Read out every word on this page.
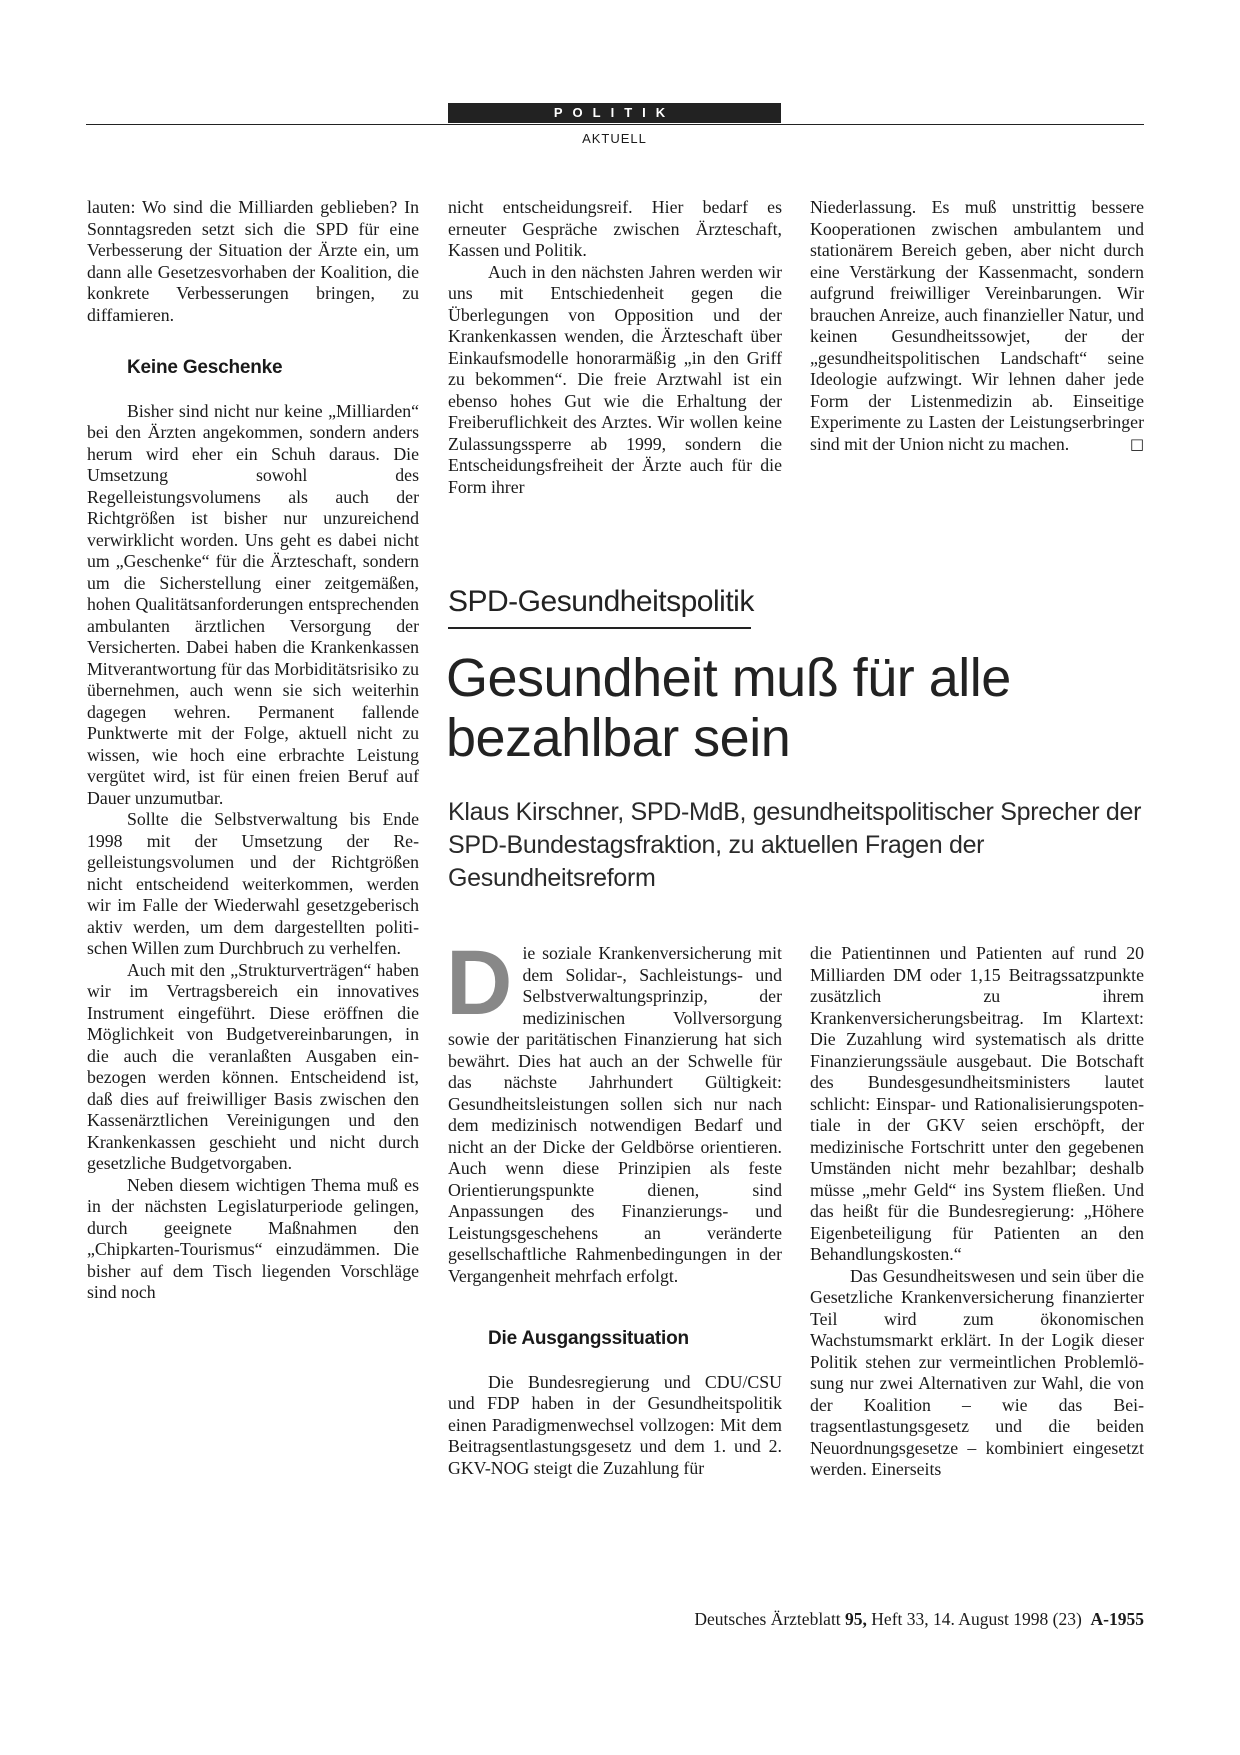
POLITIK
AKTUELL

lauten: Wo sind die Milliarden geblieben? In Sonntagsreden setzt sich die SPD für eine Verbesserung der Situation der Ärzte ein, um dann alle Gesetzesvorhaben der Koalition, die konkrete Verbesserungen bringen, zu diffamieren.

Keine Geschenke

Bisher sind nicht nur keine „Milliarden“ bei den Ärzten angekommen, sondern anders herum wird eher ein Schuh daraus. Die Umsetzung sowohl des Regelleistungsvolumens als auch der Richtgrößen ist bisher nur unzureichend verwirklicht worden. Uns geht es dabei nicht um „Geschenke“ für die Ärzteschaft, sondern um die Sicherstellung einer zeitgemäßen, hohen Qualitätsanforderungen entsprechenden ambulanten ärztlichen Versorgung der Versicherten. Dabei haben die Krankenkassen Mitverantwortung für das Morbiditätsrisiko zu übernehmen, auch wenn sie sich weiterhin dagegen wehren. Permanent fallende Punktwerte mit der Folge, aktuell nicht zu wissen, wie hoch eine erbrachte Leistung vergütet wird, ist für einen freien Beruf auf Dauer unzumutbar.

Sollte die Selbstverwaltung bis Ende 1998 mit der Umsetzung der Regelleistungsvolumen und der Richtgrößen nicht entscheidend weiterkommen, werden wir im Falle der Wiederwahl gesetzgeberisch aktiv werden, um dem dargestellten politischen Willen zum Durchbruch zu verhelfen.

Auch mit den „Strukturverträgen“ haben wir im Vertragsbereich ein innovatives Instrument eingeführt. Diese eröffnen die Möglichkeit von Budgetvereinbarungen, in die auch die veranlaßten Ausgaben einbezogen werden können. Entscheidend ist, daß dies auf freiwilliger Basis zwischen den Kassenärztlichen Vereinigungen und den Krankenkassen geschieht und nicht durch gesetzliche Budgetvorgaben.

Neben diesem wichtigen Thema muß es in der nächsten Legislaturperiode gelingen, durch geeignete Maßnahmen den „Chipkarten-Tourismus“ einzudämmen. Die bisher auf dem Tisch liegenden Vorschläge sind noch

nicht entscheidungsreif. Hier bedarf es erneuter Gespräche zwischen Ärzteschaft, Kassen und Politik.

Auch in den nächsten Jahren werden wir uns mit Entschiedenheit gegen die Überlegungen von Opposition und der Krankenkassen wenden, die Ärzteschaft über Einkaufsmodelle honorarmäßig „in den Griff zu bekommen“. Die freie Arztwahl ist ein ebenso hohes Gut wie die Erhaltung der Freiberuflichkeit des Arztes. Wir wollen keine Zulassungssperre ab 1999, sondern die Entscheidungsfreiheit der Ärzte auch für die Form ihrer

Niederlassung. Es muß unstrittig bessere Kooperationen zwischen ambulantem und stationärem Bereich geben, aber nicht durch eine Verstärkung der Kassenmacht, sondern aufgrund freiwilliger Vereinbarungen. Wir brauchen Anreize, auch finanzieller Natur, und keinen Gesundheitssowjet, der der „gesundheitspolitischen Landschaft“ seine Ideologie aufzwingt. Wir lehnen daher jede Form der Listenmedizin ab. Einseitige Experimente zu Lasten der Leistungserbringer sind mit der Union nicht zu machen.	□

SPD-Gesundheitspolitik
Gesundheit muß für alle bezahlbar sein
Klaus Kirschner, SPD-MdB, gesundheitspolitischer Sprecher der SPD-Bundestagsfraktion, zu aktuellen Fragen der Gesundheitsreform

Die soziale Krankenversicherung mit dem Solidar-, Sachleistungs- und Selbstverwaltungsprinzip, der medizinischen Vollversorgung sowie der paritätischen Finanzierung hat sich bewährt. Dies hat auch an der Schwelle für das nächste Jahrhundert Gültigkeit: Gesundheitsleistungen sollen sich nur nach dem medizinisch notwendigen Bedarf und nicht an der Dicke der Geldbörse orientieren. Auch wenn diese Prinzipien als feste Orientierungspunkte dienen, sind Anpassungen des Finanzierungs- und Leistungsgeschehens an veränderte gesellschaftliche Rahmenbedingungen in der Vergangenheit mehrfach erfolgt.

Die Ausgangssituation

Die Bundesregierung und CDU/CSU und FDP haben in der Gesundheitspolitik einen Paradigmenwechsel vollzogen: Mit dem Beitragsentlastungsgesetz und dem 1. und 2. GKV-NOG steigt die Zuzahlung für

die Patientinnen und Patienten auf rund 20 Milliarden DM oder 1,15 Beitragssatzpunkte zusätzlich zu ihrem Krankenversicherungsbeitrag. Im Klartext: Die Zuzahlung wird systematisch als dritte Finanzierungssäule ausgebaut. Die Botschaft des Bundesgesundheitsministers lautet schlicht: Einspar- und Rationalisierungspotentiale in der GKV seien erschöpft, der medizinische Fortschritt unter den gegebenen Umständen nicht mehr bezahlbar; deshalb müsse „mehr Geld“ ins System fließen. Und das heißt für die Bundesregierung: „Höhere Eigenbeteiligung für Patienten an den Behandlungskosten.“

Das Gesundheitswesen und sein über die Gesetzliche Krankenversicherung finanzierter Teil wird zum ökonomischen Wachstumsmarkt erklärt. In der Logik dieser Politik stehen zur vermeintlichen Problemlösung nur zwei Alternativen zur Wahl, die von der Koalition – wie das Beitragsentlastungsgesetz und die beiden Neuordnungsgesetze – kombiniert eingesetzt werden. Einerseits

Deutsches Ärzteblatt 95, Heft 33, 14. August 1998 (23) A-1955
